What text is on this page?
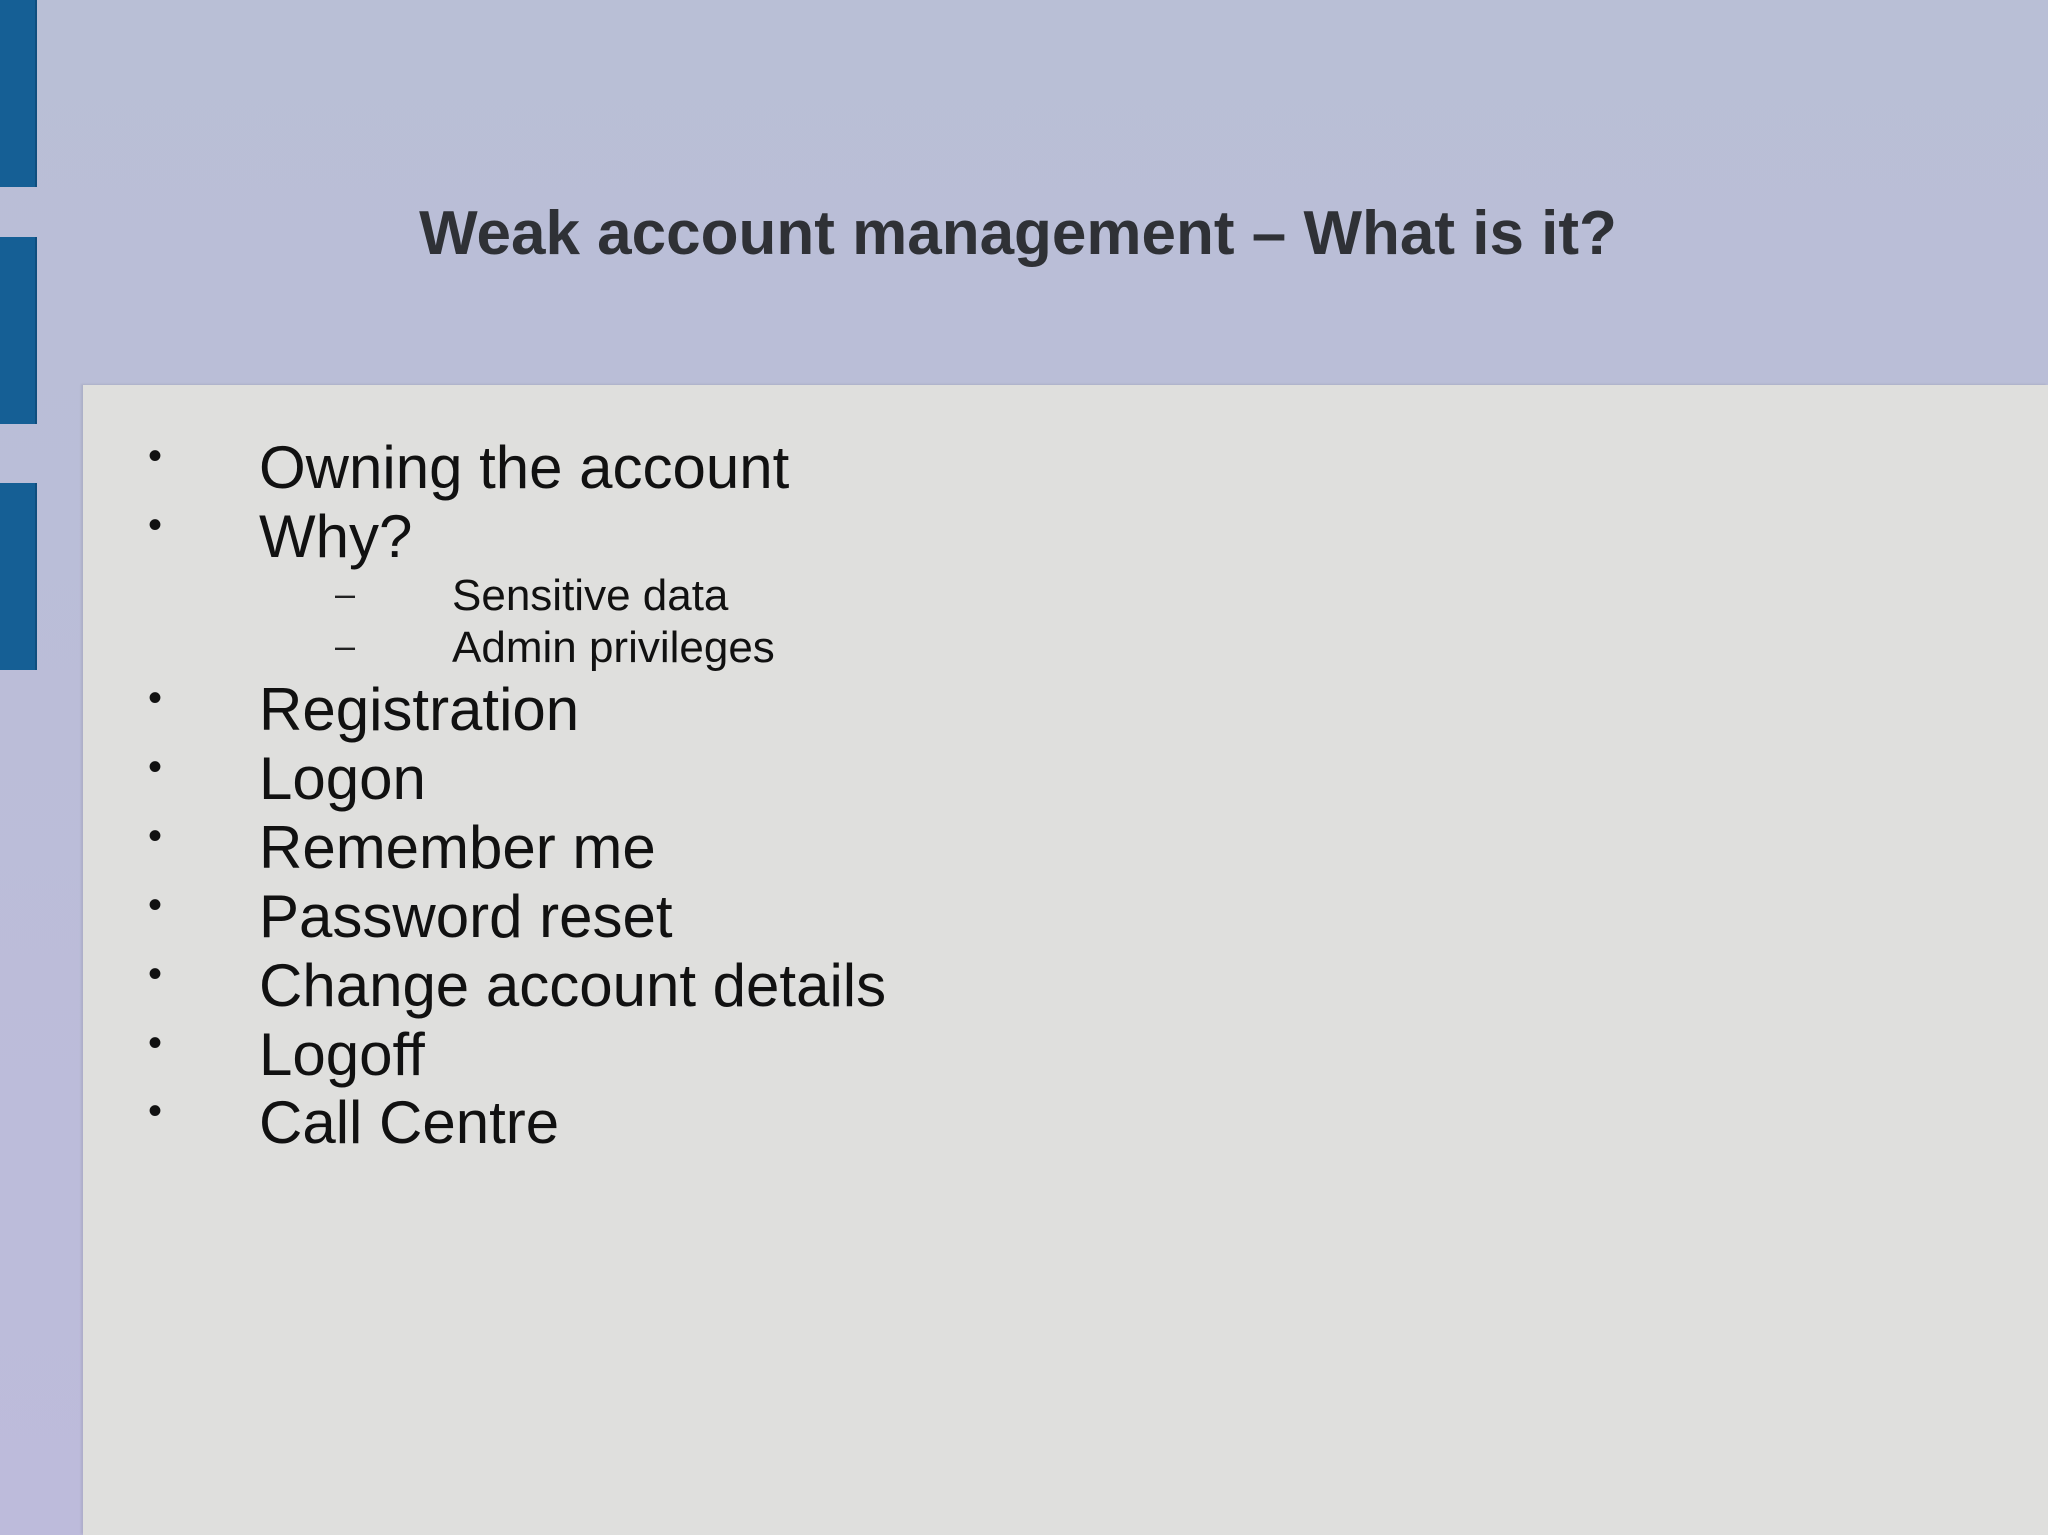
Weak account management – What is it?
• Owning the account
• Why?
– Sensitive data
– Admin privileges
• Registration
• Logon
• Remember me
• Password reset
• Change account details
• Logoff
• Call Centre
